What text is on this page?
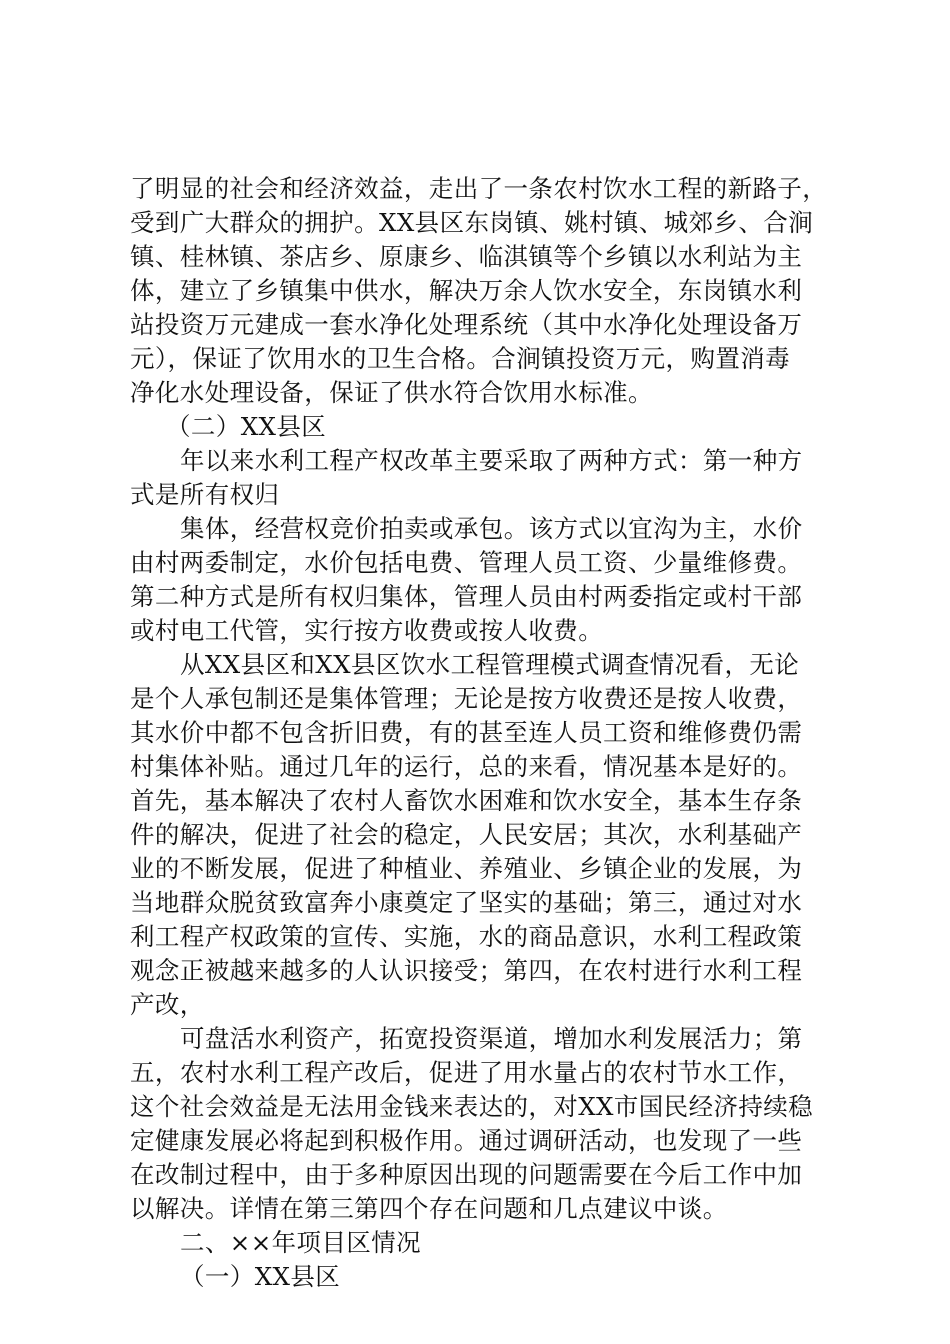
了明显的社会和经济效益，走出了一条农村饮水工程的新路子，
受到广大群众的拥护。XX县区东岗镇、姚村镇、城郊乡、合涧
镇、桂林镇、茶店乡、原康乡、临淇镇等个乡镇以水利站为主
体，建立了乡镇集中供水，解决万余人饮水安全，东岗镇水利
站投资万元建成一套水净化处理系统（其中水净化处理设备万
元），保证了饮用水的卫生合格。合涧镇投资万元，购置消毒
净化水处理设备，保证了供水符合饮用水标准。
（二）XX县区
年以来水利工程产权改革主要采取了两种方式：第一种方
式是所有权归
集体，经营权竞价拍卖或承包。该方式以宜沟为主，水价
由村两委制定，水价包括电费、管理人员工资、少量维修费。
第二种方式是所有权归集体，管理人员由村两委指定或村干部
或村电工代管，实行按方收费或按人收费。
从XX县区和XX县区饮水工程管理模式调查情况看，无论
是个人承包制还是集体管理；无论是按方收费还是按人收费，
其水价中都不包含折旧费，有的甚至连人员工资和维修费仍需
村集体补贴。通过几年的运行，总的来看，情况基本是好的。
首先，基本解决了农村人畜饮水困难和饮水安全，基本生存条
件的解决，促进了社会的稳定，人民安居；其次，水利基础产
业的不断发展，促进了种植业、养殖业、乡镇企业的发展，为
当地群众脱贫致富奔小康奠定了坚实的基础；第三，通过对水
利工程产权政策的宣传、实施，水的商品意识，水利工程政策
观念正被越来越多的人认识接受；第四，在农村进行水利工程
产改，
可盘活水利资产，拓宽投资渠道，增加水利发展活力；第
五，农村水利工程产改后，促进了用水量占的农村节水工作，
这个社会效益是无法用金钱来表达的，对XX市国民经济持续稳
定健康发展必将起到积极作用。通过调研活动，也发现了一些
在改制过程中，由于多种原因出现的问题需要在今后工作中加
以解决。详情在第三第四个存在问题和几点建议中谈。
二、××年项目区情况
（一）XX县区
